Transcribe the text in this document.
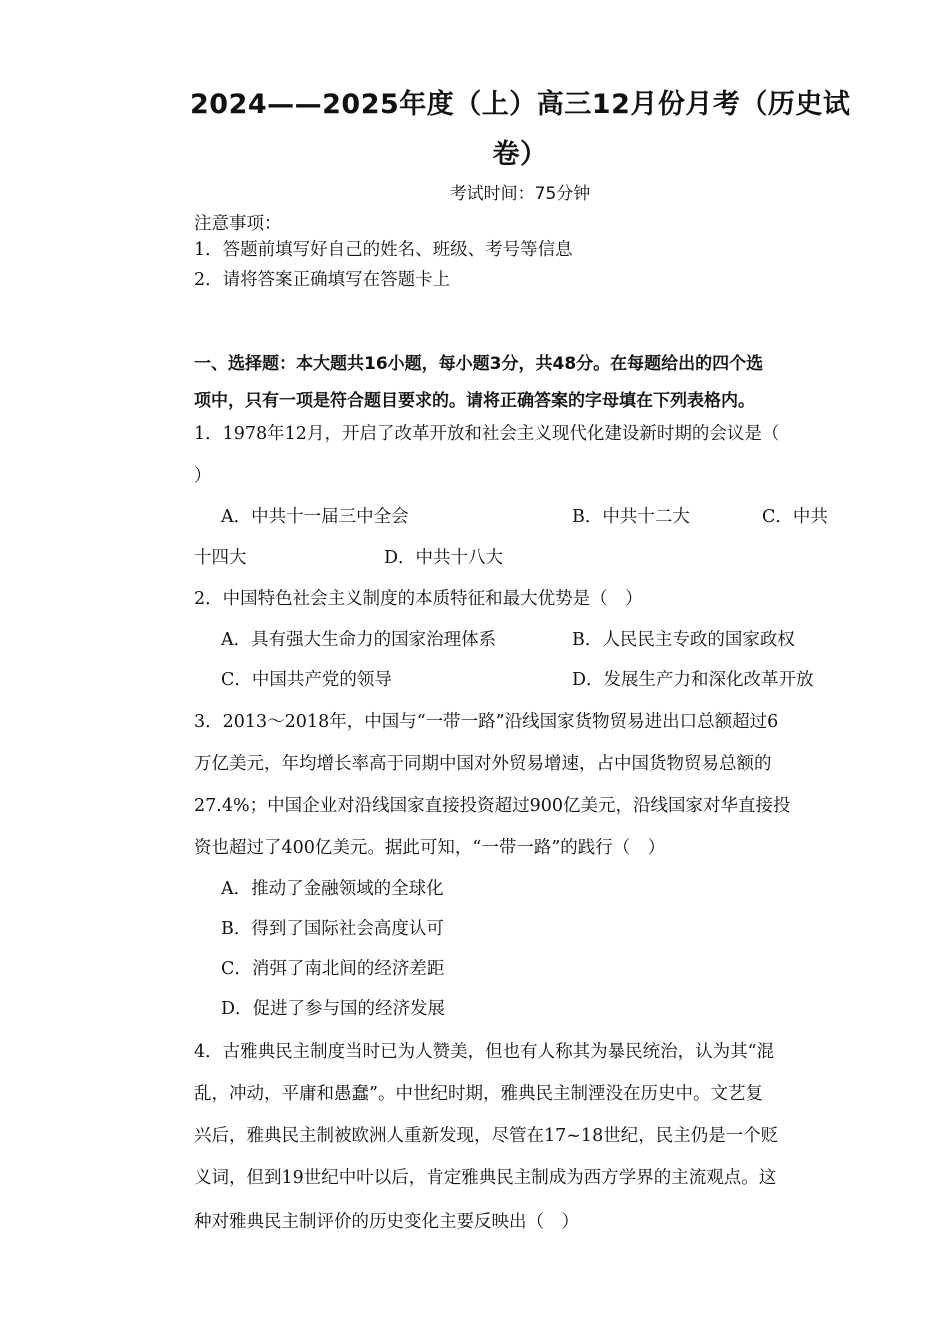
2024——2025年度（上）高三12月份月考（历史试
卷）
考试时间：75分钟
注意事项：
1．答题前填写好自己的姓名、班级、考号等信息
2．请将答案正确填写在答题卡上
一、选择题：本大题共16小题，每小题3分，共48分。在每题给出的四个选
项中，只有一项是符合题目要求的。请将正确答案的字母填在下列表格内。
1．1978年12月，开启了改革开放和社会主义现代化建设新时期的会议是（
）
A．中共十一届三中全会	B．中共十二大	C．中共
十四大	D．中共十八大
2．中国特色社会主义制度的本质特征和最大优势是（　）
A．具有强大生命力的国家治理体系	B．人民民主专政的国家政权
C．中国共产党的领导	D．发展生产力和深化改革开放
3．2013～2018年，中国与“一带一路”沿线国家货物贸易进出口总额超过6
万亿美元，年均增长率高于同期中国对外贸易增速，占中国货物贸易总额的
27.4%；中国企业对沿线国家直接投资超过900亿美元，沿线国家对华直接投
资也超过了400亿美元。据此可知，“一带一路”的践行（　）
A．推动了金融领域的全球化
B．得到了国际社会高度认可
C．消弭了南北间的经济差距
D．促进了参与国的经济发展
4．古雅典民主制度当时已为人赞美，但也有人称其为暴民统治，认为其“混
乱，冲动，平庸和愚蠢”。中世纪时期，雅典民主制湮没在历史中。文艺复
兴后，雅典民主制被欧洲人重新发现，尽管在17~18世纪，民主仍是一个贬
义词，但到19世纪中叶以后，肯定雅典民主制成为西方学界的主流观点。这
种对雅典民主制评价的历史变化主要反映出（　）
